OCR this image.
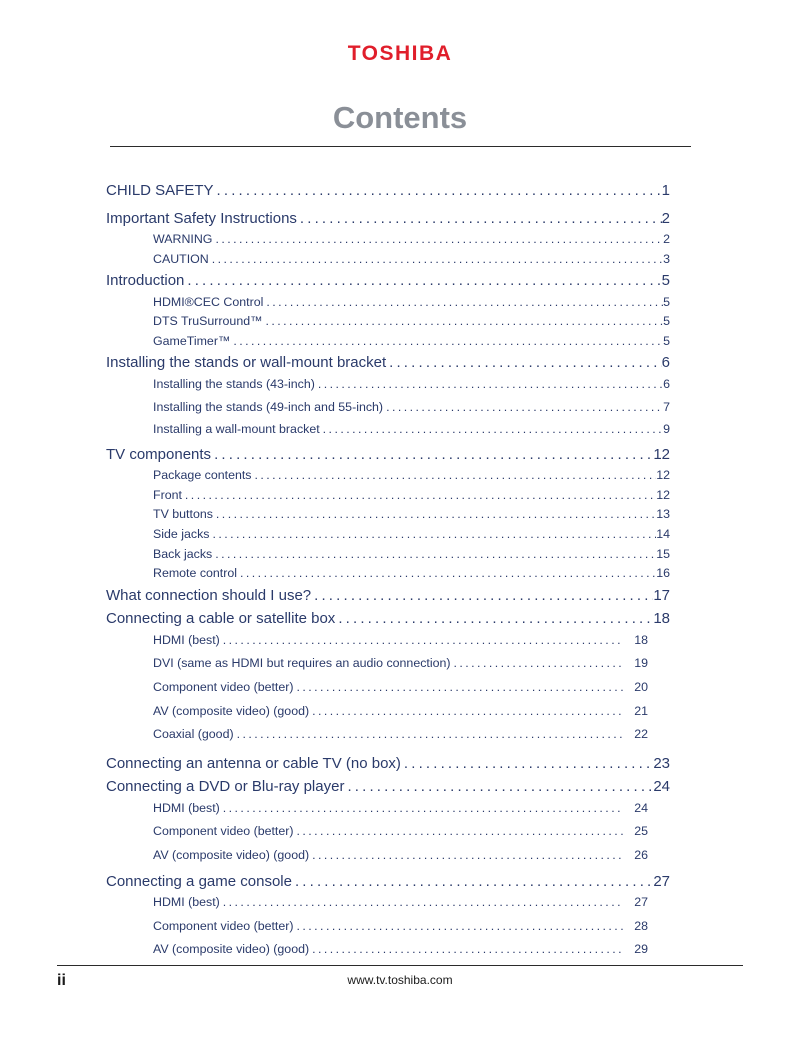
TOSHIBA
Contents
CHILD SAFETY . . .	1
Important Safety Instructions . . .	2
WARNING . . .	2
CAUTION . . .	3
Introduction . . .	5
HDMI®CEC Control . . .	5
DTS TruSurround™ . . .	5
GameTimer™ . . .	5
Installing the stands or wall-mount bracket . . .	6
Installing the stands (43-inch) . . .	6
Installing the stands (49-inch and 55-inch) . . .	7
Installing a wall-mount bracket . . .	9
TV components . . .	12
Package contents . . .	12
Front . . .	12
TV buttons . . .	13
Side jacks . . .	14
Back jacks . . .	15
Remote control . . .	16
What connection should I use? . . .	17
Connecting a cable or satellite box . . .	18
HDMI (best) . . .	18
DVI (same as HDMI but requires an audio connection) . . .	19
Component video (better) . . .	20
AV (composite video) (good) . . .	21
Coaxial (good) . . .	22
Connecting an antenna or cable TV (no box) . . .	23
Connecting a DVD or Blu-ray player . . .	24
HDMI (best) . . .	24
Component video (better) . . .	25
AV (composite video) (good) . . .	26
Connecting a game console . . .	27
HDMI (best) . . .	27
Component video (better) . . .	28
AV (composite video) (good) . . .	29
ii	www.tv.toshiba.com
